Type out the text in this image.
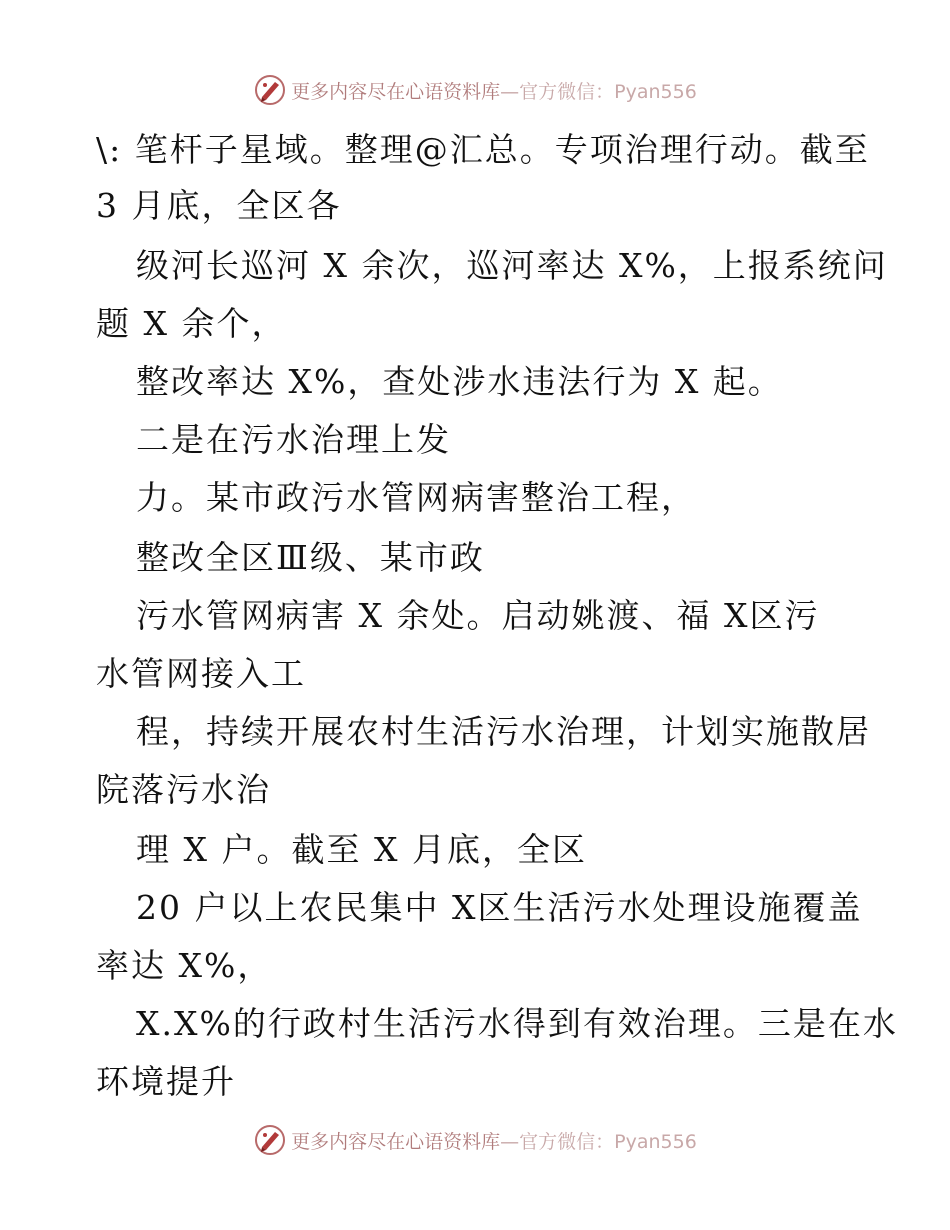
更多内容尽在心语资料库—官方微信：Pyan556
\: 笔杆子星域。整理@汇总。专项治理行动。截至
3 月底，全区各
级河长巡河 X 余次，巡河率达 X%，上报系统问
题 X 余个，
整改率达 X%，查处涉水违法行为 X 起。
二是在污水治理上发
力。某市政污水管网病害整治工程，
整改全区Ⅲ级、某市政
污水管网病害 X 余处。启动姚渡、福 X区污
水管网接入工
程，持续开展农村生活污水治理，计划实施散居
院落污水治
理 X 户。截至 X 月底，全区
20 户以上农民集中 X区生活污水处理设施覆盖
率达 X%，
X.X%的行政村生活污水得到有效治理。三是在水
环境提升
更多内容尽在心语资料库—官方微信：Pyan556
